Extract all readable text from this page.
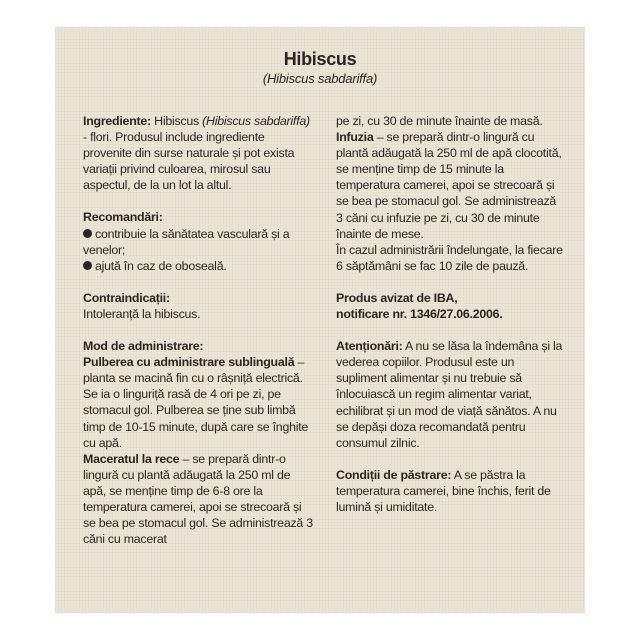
Hibiscus
(Hibiscus sabdariffa)

Ingrediente: Hibiscus (Hibiscus sabdariffa) - flori. Produsul include ingrediente provenite din surse naturale și pot exista variații privind culoarea, mirosul sau aspectul, de la un lot la altul.

Recomandări:

contribuie la sănătatea vasculară și a venelor;

ajută în caz de oboseală.

Contraindicații:

Intoleranță la hibiscus.

Mod de administrare:

Pulberea cu administrare sublinguală – planta se macină fin cu o râșniță electrică. Se ia o linguriță rasă de 4 ori pe zi, pe stomacul gol. Pulberea se ține sub limbă timp de 10-15 minute, după care se înghite cu apă.

Maceratul la rece – se prepară dintr-o lingură cu plantă adăugată la 250 ml de apă, se menține timp de 6-8 ore la temperatura camerei, apoi se strecoară și se bea pe stomacul gol. Se administrează 3 căni cu macerat

pe zi, cu 30 de minute înainte de masă.

Infuzia – se prepară dintr-o lingură cu plantă adăugată la 250 ml de apă clocotită, se menține timp de 15 minute la temperatura camerei, apoi se strecoară și se bea pe stomacul gol. Se administrează 3 căni cu infuzie pe zi, cu 30 de minute înainte de mese.

În cazul administrării îndelungate, la fiecare 6 săptămâni se fac 10 zile de pauză.

Produs avizat de IBA,

notificare nr. 1346/27.06.2006.

Atenționări: A nu se lăsa la îndemâna și la vederea copiilor. Produsul este un supliment alimentar și nu trebuie să înlocuiască un regim alimentar variat, echilibrat și un mod de viață sănătos. A nu se depăși doza recomandată pentru consumul zilnic.

Condiții de păstrare: A se păstra la temperatura camerei, bine închis, ferit de lumină și umiditate.
